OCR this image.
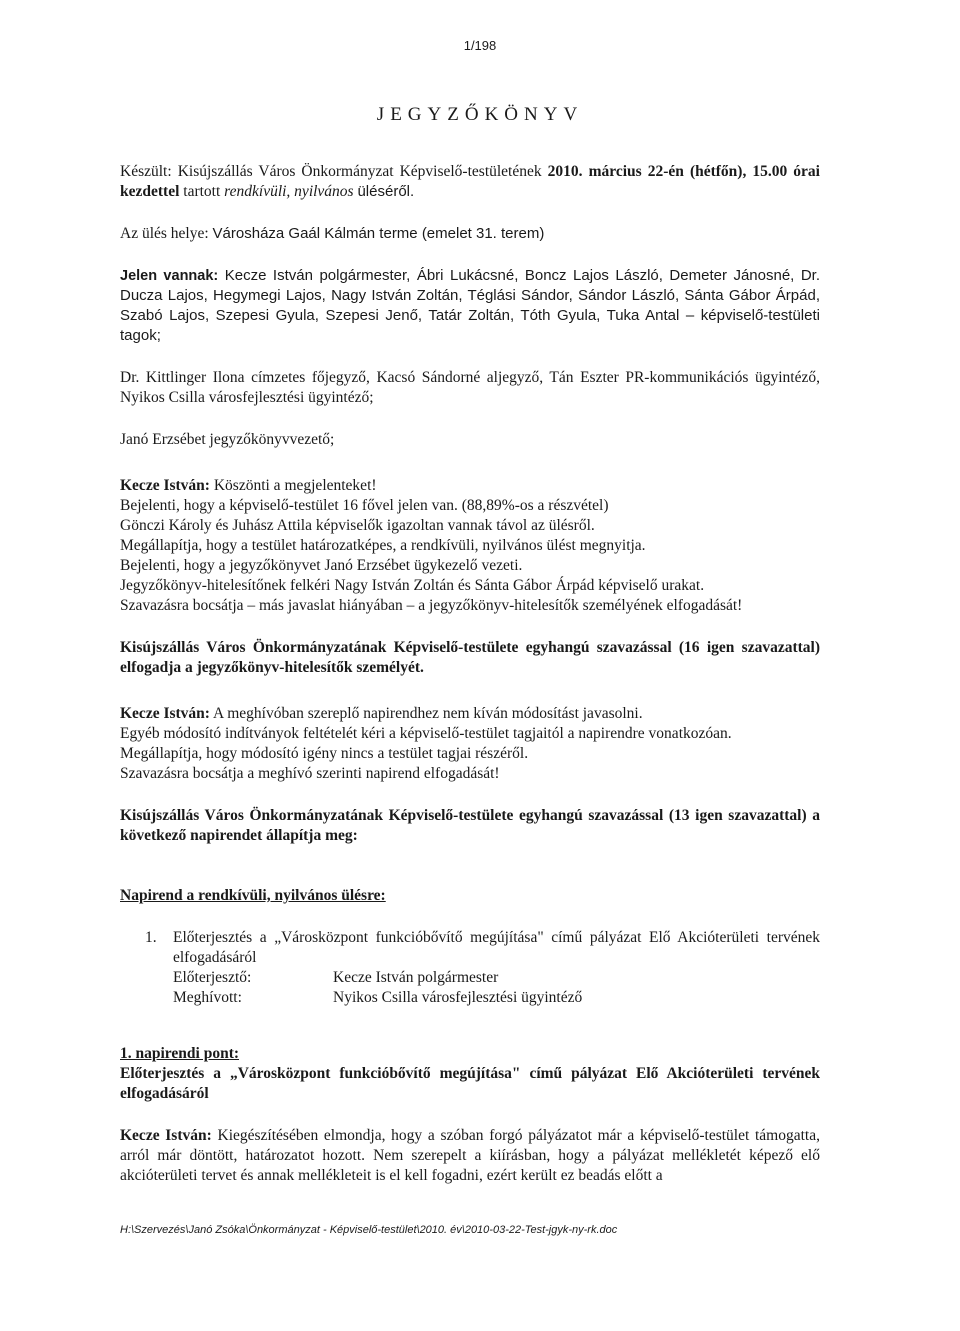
1/198
JEGYZŐKÖNYV

Készült: Kisújszállás Város Önkormányzat Képviselő-testületének 2010. március 22-én (hétfőn), 15.00 órai kezdettel tartott rendkívüli, nyilvános üléséről.

Az ülés helye: Városháza Gaál Kálmán terme (emelet 31. terem)

Jelen vannak: Kecze István polgármester, Ábri Lukácsné, Boncz Lajos László, Demeter Jánosné, Dr. Ducza Lajos, Hegymegi Lajos, Nagy István Zoltán, Téglási Sándor, Sándor László, Sánta Gábor Árpád, Szabó Lajos, Szepesi Gyula, Szepesi Jenő, Tatár Zoltán, Tóth Gyula, Tuka Antal – képviselő-testületi tagok;

Dr. Kittlinger Ilona címzetes főjegyző, Kacsó Sándorné aljegyző, Tán Eszter PR-kommunikációs ügyintéző, Nyikos Csilla városfejlesztési ügyintéző;

Janó Erzsébet jegyzőkönyvvezető;

Kecze István: Köszönti a megjelenteket!
Bejelenti, hogy a képviselő-testület 16 fővel jelen van. (88,89%-os a részvétel)
Gönczi Károly és Juhász Attila képviselők igazoltan vannak távol az ülésről.
Megállapítja, hogy a testület határozatképes, a rendkívüli, nyilvános ülést megnyitja.
Bejelenti, hogy a jegyzőkönyvet Janó Erzsébet ügykezelő vezeti.
Jegyzőkönyv-hitelesítőnek felkéri Nagy István Zoltán és Sánta Gábor Árpád képviselő urakat.
Szavazásra bocsátja – más javaslat hiányában – a jegyzőkönyv-hitelesítők személyének elfogadását!

Kisújszállás Város Önkormányzatának Képviselő-testülete egyhangú szavazással (16 igen szavazattal) elfogadja a jegyzőkönyv-hitelesítők személyét.

Kecze István: A meghívóban szereplő napirendhez nem kíván módosítást javasolni.
Egyéb módosító indítványok feltételét kéri a képviselő-testület tagjaitól a napirendre vonatkozóan.
Megállapítja, hogy módosító igény nincs a testület tagjai részéről.
Szavazásra bocsátja a meghívó szerinti napirend elfogadását!

Kisújszállás Város Önkormányzatának Képviselő-testülete egyhangú szavazással (13 igen szavazattal) a következő napirendet állapítja meg:

Napirend a rendkívüli, nyilvános ülésre:

1.	Előterjesztés a „Városközpont funkcióbővítő megújítása" című pályázat Elő Akcióterületi tervének elfogadásáról
Előterjesztő:	Kecze István polgármester
Meghívott:	Nyikos Csilla városfejlesztési ügyintéző

1. napirendi pont:

Előterjesztés a „Városközpont funkcióbővítő megújítása" című pályázat Elő Akcióterületi tervének elfogadásáról

Kecze István: Kiegészítésében elmondja, hogy a szóban forgó pályázatot már a képviselő-testület támogatta, arról már döntött, határozatot hozott. Nem szerepelt a kiírásban, hogy a pályázat mellékletét képező elő akcióterületi tervet és annak mellékleteit is el kell fogadni, ezért került ez beadás előtt a

H:\Szervezés\Janó Zsóka\Önkormányzat - Képviselő-testület\2010. év\2010-03-22-Test-jgyk-ny-rk.doc
